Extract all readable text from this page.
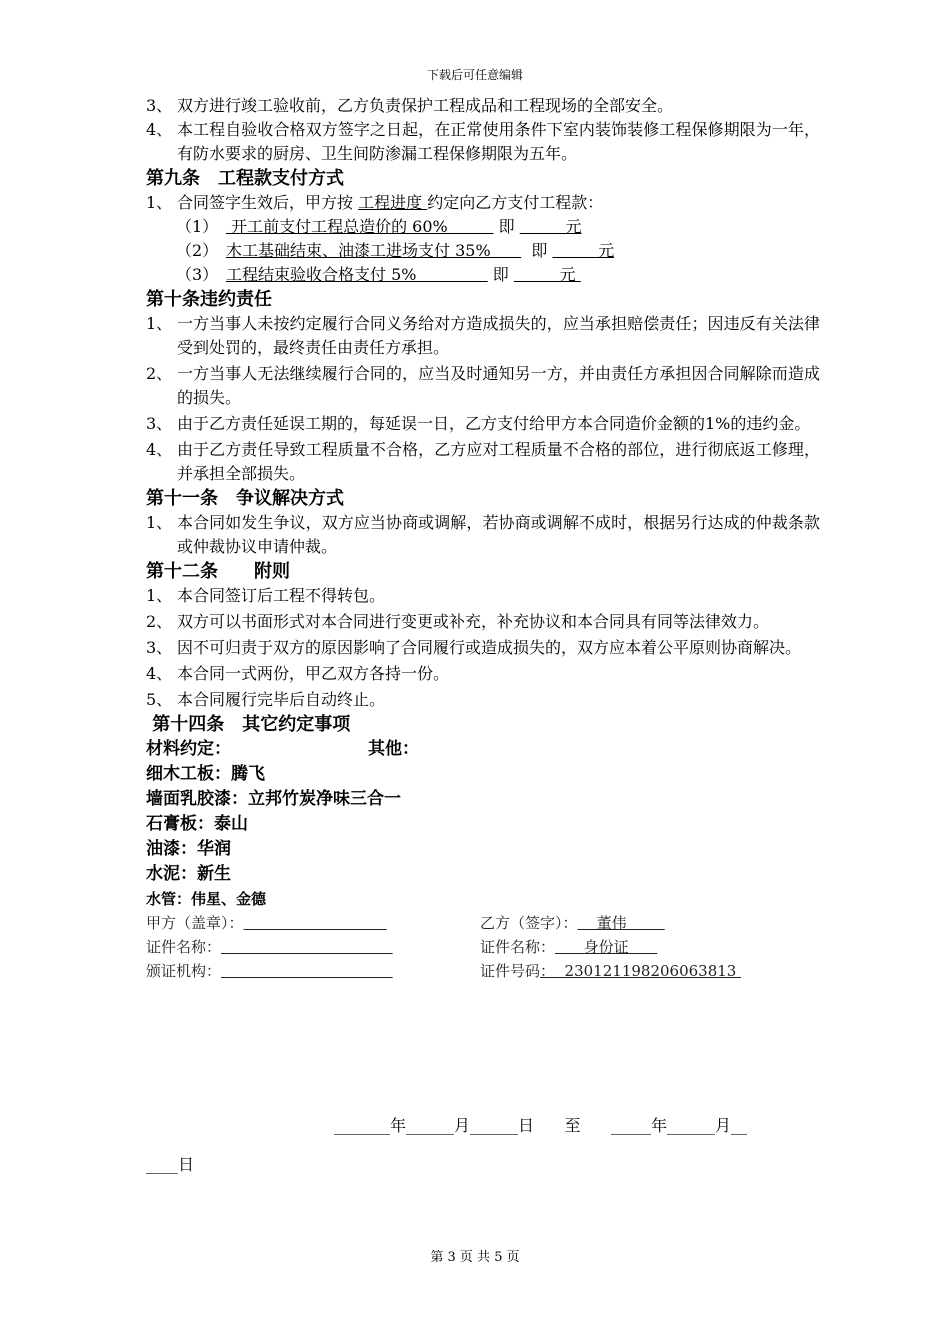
下载后可任意编辑
3、 双方进行竣工验收前，乙方负责保护工程成品和工程现场的全部安全。
4、 本工程自验收合格双方签字之日起，在正常使用条件下室内装饰装修工程保修期限为一年，有防水要求的厨房、卫生间防渗漏工程保修期限为五年。
第九条　工程款支付方式
1、 合同签字生效后，甲方按 工程进度 约定向乙方支付工程款：
（1） 开工前支付工程总造价的 60% 即 元
（2） 木工基础结束、油漆工进场支付 35% 即 元
（3） 工程结束验收合格支付 5% 即 元
第十条违约责任
1、 一方当事人未按约定履行合同义务给对方造成损失的，应当承担赔偿责任；因违反有关法律受到处罚的，最终责任由责任方承担。
2、 一方当事人无法继续履行合同的，应当及时通知另一方，并由责任方承担因合同解除而造成的损失。
3、 由于乙方责任延误工期的，每延误一日，乙方支付给甲方本合同造价金额的1%的违约金。
4、 由于乙方责任导致工程质量不合格，乙方应对工程质量不合格的部位，进行彻底返工修理，并承担全部损失。
第十一条　争议解决方式
1、 本合同如发生争议，双方应当协商或调解，若协商或调解不成时，根据另行达成的仲裁条款或仲裁协议申请仲裁。
第十二条　　附则
1、 本合同签订后工程不得转包。
2、 双方可以书面形式对本合同进行变更或补充，补充协议和本合同具有同等法律效力。
3、 因不可归责于双方的原因影响了合同履行或造成损失的，双方应本着公平原则协商解决。
4、 本合同一式两份，甲乙双方各持一份。
5、 本合同履行完毕后自动终止。
第十四条　其它约定事项
材料约定：	其他：
细木工板：腾飞
墙面乳胶漆：立邦竹炭净味三合一
石膏板：泰山
油漆：华润
水泥：新生
水管：伟星、金德
甲方（盖章）：	乙方（签字）：    董伟
证件名称：	证件名称：      身份证
颁证机构：	证件号码：  230121198206063813
_______年______月______日      至      _____年______月__
____日
第 3 页 共 5 页
